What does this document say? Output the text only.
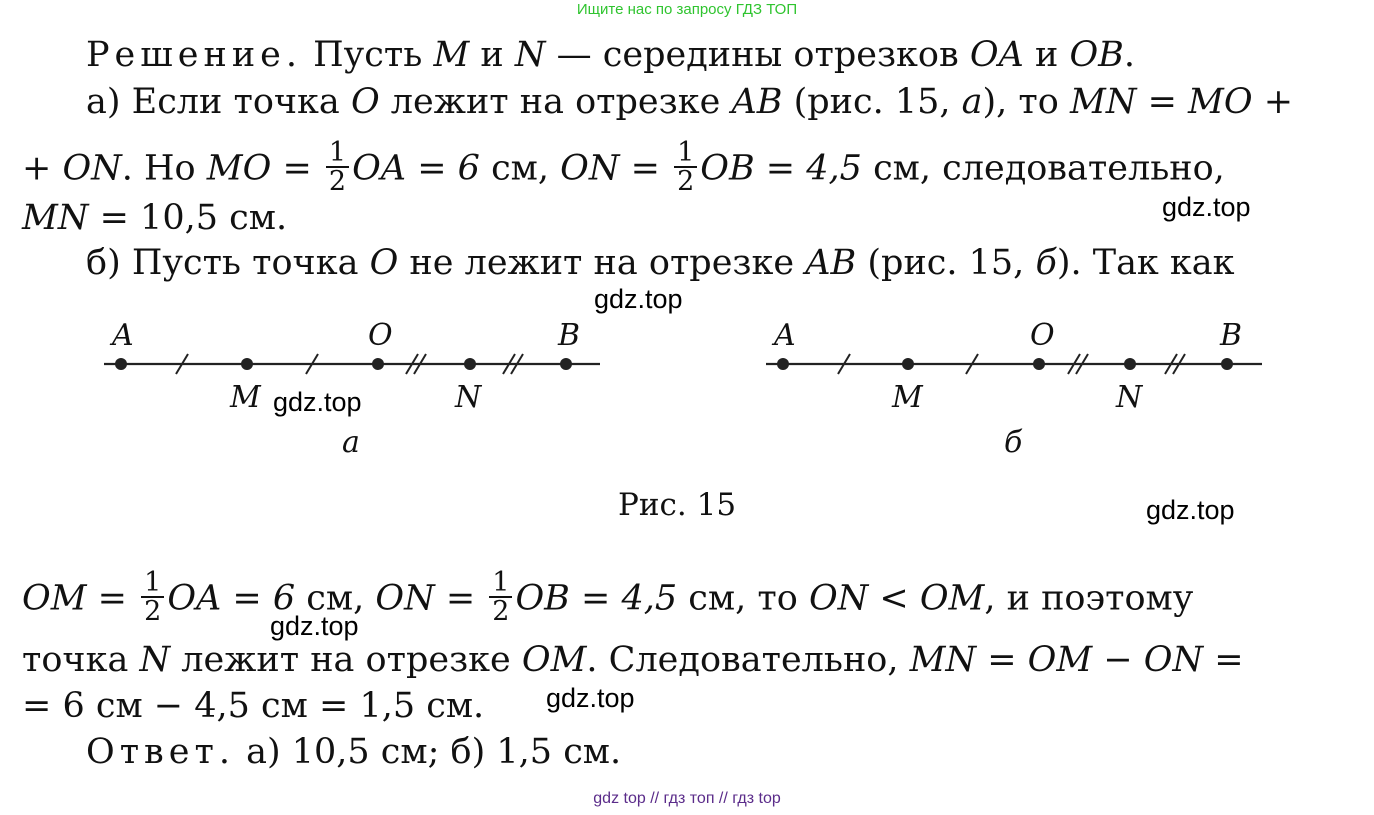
Ищите нас по запросу ГДЗ ТОП
Решение. Пусть M и N — середины отрезков OA и OB.
а) Если точка O лежит на отрезке AB (рис. 15, а), то MN = MO +
+ ON. Но MO = $\frac{1}{2}$ OA = 6 см, ON = $\frac{1}{2}$ OB = 4,5 см, следовательно,
MN = 10,5 см.
б) Пусть точка O не лежит на отрезке AB (рис. 15, б). Так как
A
M
O
N
B
а
A
M
O
N
B
б
Рис. 15
OM = $\frac{1}{2}$ OA = 6 см, ON = $\frac{1}{2}$ OB = 4,5 см, то ON < OM, и поэтому
точка N лежит на отрезке OM. Следовательно, MN = OM − ON =
= 6 см − 4,5 см = 1,5 см.
Ответ. а) 10,5 см; б) 1,5 см.
gdz.top
gdz.top
gdz.top
gdz.top
gdz.top
gdz.top
gdz top // гдз топ // гдз top
